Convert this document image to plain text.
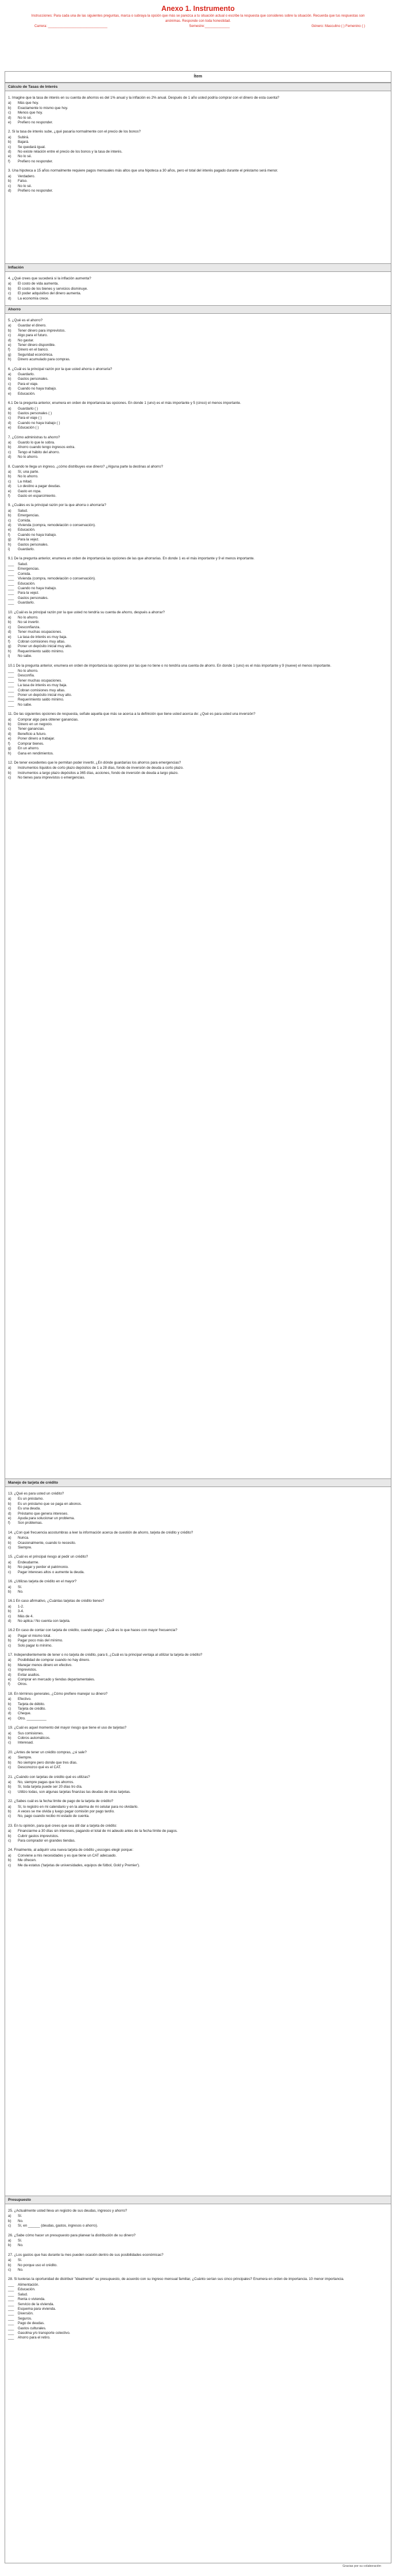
Anexo 1. Instrumento
Instrucciones: Para cada una de las siguientes preguntas, marca o subraya la opción que más se parezca a tu situación actual o escribe la respuesta que consideres sobre la situación. Recuerda que tus respuestas son anónimas. Responde con toda honestidad.
Carrera: _______________________________	Semestre:_____________	Género: Masculino ( ) Femenino ( )
Ítem
Cálculo de Tasas de Interés
1. Imagine que la tasa de interés en su cuenta de ahorros es del 1% anual y la inflación es 2% anual. Después de 1 año usted podría comprar con el dinero de esta cuenta?
a)	Más que hoy.
b)	Exactamente lo mismo que hoy.
c)	Menos que hoy.
d)	No lo sé.
e)	Prefiero no responder.
2. Si la tasa de interés sube, ¿qué pasaría normalmente con el precio de los bonos?
a)	Subirá.
b)	Bajará.
c)	Se quedará igual.
d)	No existe relación entre el precio de los bonos y la tasa de interés.
e)	No lo sé.
f)	Prefiero no responder.
3. Una hipoteca a 15 años normalmente requiere pagos mensuales más altos que una hipoteca a 30 años, pero el total del interés pagado durante el préstamo será menor.
a)	Verdadero.
b)	Falso.
c)	No lo sé.
d)	Prefiero no responder.
Inflación
4. ¿Qué crees que sucederá si la inflación aumenta?
a)	El costo de vida aumenta.
b)	El costo de los bienes y servicios disminuye.
c)	El poder adquisitivo del dinero aumenta.
d)	La economía crece.
Ahorro
5. ¿Qué es el ahorro?
a)	Guardar el dinero.
b)	Tener dinero para imprevistos.
c)	Algo para el futuro.
d)	No gastar.
e)	Tener dinero disponible.
f)	Dinero en el banco.
g)	Seguridad económica.
h)	Dinero acumulado para compras.
6. ¿Cuál es la principal razón por la que usted ahorra o ahorraría?
a)	Guardarlo.
b)	Gastos personales.
c)	Para el viaje.
d)	Cuando no haya trabajo.
e)	Educación.
6.1 De la pregunta anterior, enumera en orden de importancia las opciones. En donde 1 (uno) es el más importante y 5 (cinco) el menos importante.
a)	Guardarlo ( )
b)	Gastos personales ( )
c)	Para el viaje ( )
d)	Cuando no haya trabajo ( )
e)	Educación ( )
7. ¿Cómo administras tu ahorro?
a)	Guardo lo que le sobra.
b)	Ahorro cuando tengo ingresos extra.
c)	Tengo el hábito del ahorro.
d)	No lo ahorro.
8. Cuando te llega un ingreso, ¿cómo distribuyes ese dinero? ¿Alguna parte la destinas al ahorro?
a)	Sí, una parte.
b)	No lo ahorro.
c)	La mitad.
d)	Lo destino a pagar deudas.
e)	Gasto en ropa.
f)	Gasto en esparcimiento.
9. ¿Cuáles es la principal razón por la que ahorra o ahorraría?
a)	Salud.
b)	Emergencias.
c)	Comida.
d)	Vivienda (compra, remodelación o conservación).
e)	Educación.
f)	Cuando no haya trabajo.
g)	Para la vejez.
h)	Gastos personales.
i)	Guardarlo.
9.1 De la pregunta anterior, enumera en orden de importancia las opciones de las que ahorrarías. En donde 1 es el más importante y 9 el menos importante.
___	Salud.
___	Emergencias.
___	Comida.
___	Vivienda (compra, remodelación o conservación).
___	Educación.
___	Cuando no haya trabajo.
___	Para la vejez.
___	Gastos personales.
___	Guardarlo.
10. ¿Cuál es la principal razón por la que usted no tendría su cuenta de ahorro, después a ahorrar?
a)	No lo ahorro.
b)	No sé invertir.
c)	Desconfianza.
d)	Tener muchas ocupaciones.
e)	La tasa de interés es muy baja.
f)	Cobran comisiones muy altas.
g)	Poner un depósito inicial muy alto.
h)	Requerimiento saldo mínimo.
i)	No sabe.
10.1 De la pregunta anterior, enumera en orden de importancia las opciones por las que no tiene o no tendría una cuenta de ahorro. En donde 1 (uno) es el más importante y 9 (nueve) el menos importante.
___	No lo ahorro.
___	Desconfía.
___	Tener muchas ocupaciones.
___	La tasa de interés es muy baja.
___	Cobran comisiones muy altas.
___	Poner un depósito inicial muy alto.
___	Requerimiento saldo mínimo.
___	No sabe.
11. De las siguientes opciones de respuesta, señale aquella que más se acerca a la definición que tiene usted acerca de: ¿Qué es para usted una inversión?
a)	Comprar algo para obtener ganancias.
b)	Dinero en un negocio.
c)	Tener ganancias.
d)	Beneficio a futuro.
e)	Poner dinero a trabajar.
f)	Comprar bienes.
g)	En un ahorro.
h)	Gana en rendimientos.
12. De tener excedentes que le permitan poder invertir, ¿En dónde guardarías los ahorros para emergencias?
a)	Instrumentos líquidos de corto plazo depósitos de 1 a 28 días, fondo de inversión de deuda a corto plazo.
b)	Instrumentos a largo plazo depósitos a 365 días, acciones, fondo de inversión de deuda a largo plazo.
c)	No tienes para imprevistos o emergencias.
Manejo de tarjeta de crédito
13. ¿Qué es para usted un crédito?
a)	Es un préstamo.
b)	Es un préstamo que se paga en abonos.
c)	Es una deuda.
d)	Préstamo que genera intereses.
e)	Ayuda para solucionar un problema.
f)	Son problemas.
14. ¿Con qué frecuencia acostumbras a leer la información acerca de cuestión de ahorro, tarjeta de crédito y crédito?
a)	Nunca.
b)	Ocasionalmente, cuando lo necesito.
c)	Siempre.
15. ¿Cuál es el principal riesgo al pedir un crédito?
a)	Endeudarme.
b)	No pagar y perder el patrimonio.
c)	Pagar intereses altos o aumente la deuda.
16. ¿Utilizas tarjeta de crédito en el mayor?
a)	Sí.
b)	No.
16.1 En caso afirmativo, ¿Cuántas tarjetas de crédito tienes?
a)	1-2.
b)	3-4.
c)	Más de 4.
d)	No aplica / No cuenta con tarjeta.
16.2 En caso de contar con tarjeta de crédito, cuando pagas: ¿Cuál es lo que haces con mayor frecuencia?
a)	Pagar el mismo total.
b)	Pagar poco más del mínimo.
c)	Solo pagar lo mínimo.
17. Independientemente de tener o no tarjeta de crédito, para ti, ¿Cuál es la principal ventaja al utilizar la tarjeta de crédito?
a)	Posibilidad de comprar cuando no hay dinero.
b)	Manejar menos dinero en efectivo.
c)	Imprevistos.
d)	Evitar asaltos.
e)	Comprar en mercado y tiendas departamentales.
f)	Otros.
18. En términos generales, ¿Cómo prefiere manejar su dinero?
a)	Efectivo.
b)	Tarjeta de débito.
c)	Tarjeta de crédito.
d)	Cheque.
e)	Otro. __________
19. ¿Cuál es aquel momento del mayor riesgo que tiene el uso de tarjetas?
a)	Sus comisiones.
b)	Cobros automáticos.
c)	Interesad.
20. ¿Antes de tener un crédito compras, ¿si sale?
a)	Siempre.
b)	No siempre pero donde que tres días.
c)	Desconozco qué es el CAT.
21. ¿Cuándo con tarjetas de crédito qué es utilizas?
a)	No, siempre pagas que los ahorros.
b)	Sí, toda tarjeta puede ser 20 días tro día.
c)	Utilizo todas, son algunas tarjetas finanzas las deudas de otras tarjetas.
22. ¿Sabes cuál es la fecha límite de pago de la tarjeta de crédito?
a)	Sí, lo registro en mi calendario y en la alarma de mi celular para no olvidarlo.
b)	A veces se me olvida y luego pagar comisión por pago tardío.
c)	No, pago cuando recibo mi estado de cuenta.
23. En tu opinión, para qué crees que sea útil dar a tarjeta de crédito:
a)	Financiarme a 30 días sin intereses, pagando el total de mi adeudo antes de la fecha límite de pagos.
b)	Cubrir gastos imprevistos.
c)	Para comprador en grandes tiendas.
24. Finalmente, al adquirir una nueva tarjeta de crédito ¿escoges elegir porque:
a)	Conviene a mis necesidades y es que tiene un CAT adecuado.
b)	Me ofrecen.
c)	Me da estatus ('tarjetas de universidades, equipos de fútbol, Gold y Premier').
Presupuesto
25. ¿Actualmente usted lleva un registro de sus deudas, ingresos y ahorro?
a)	Sí.
b)	No.
c)	Sí, en ______ (deudas, gastos, ingresos o ahorro).
26. ¿Sabe cómo hacer un presupuesto para planear la distribución de su dinero?
a)	Sí.
b)	No.
27. ¿Los gastos que has durante la mes pueden ocasión dentro de sus posibilidades económicas?
a)	Sí.
b)	No porque uso el crédito.
c)	No.
28. Si tuvieras la oportunidad de distribuir "idealmente" su presupuesto, de acuerdo con su ingreso mensual familiar, ¿Cuánto serían sus cinco principales? Enumera en orden de importancia. 10 menor importancia.
___	Alimentación.
___	Educación.
___	Salud.
___	Renta o vivienda.
___	Servicio de la vivienda.
___	Esquema para vivienda.
___	Diversión.
___	Seguros.
___	Pago de deudas.
___	Gastos culturales.
___	Gasolina y/o transporte colectivo.
___	Ahorro para el retiro.
Gracias por su colaboración
